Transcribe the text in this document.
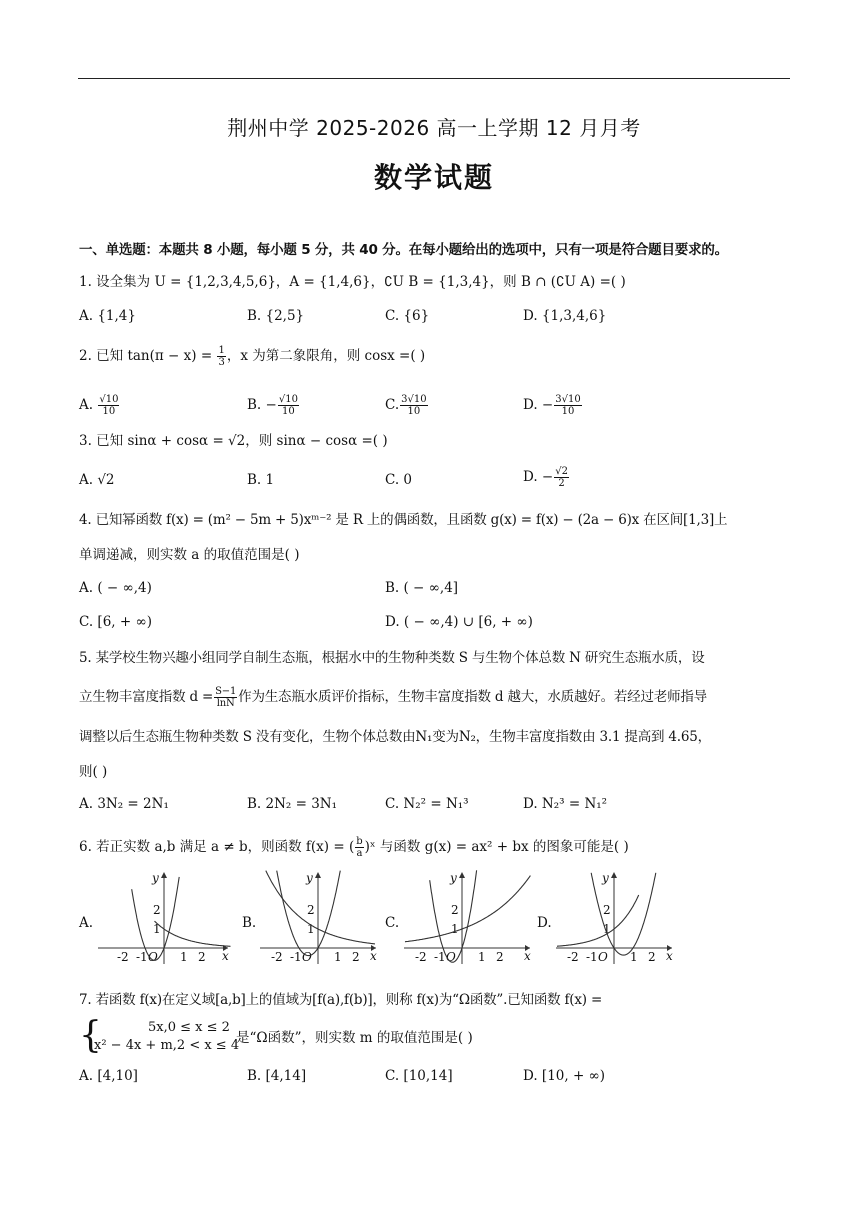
荆州中学 2025-2026 高一上学期 12 月月考
数学试题
一、单选题：本题共 8 小题，每小题 5 分，共 40 分。在每小题给出的选项中，只有一项是符合题目要求的。
1. 设全集为 U = {1,2,3,4,5,6}，A = {1,4,6}，∁U B = {1,3,4}，则 B ∩ (∁U A) =( )
A. {1,4}	B. {2,5}	C. {6}	D. {1,3,4,6}
2. 已知 $\tan(\pi - x) = \frac{1}{3}$ ，x 为第二象限角，则 cosx =( )
A. $\frac{√10}{10}$	B. − $\frac{√10}{10}$	C. $\frac{3√10}{10}$	D. − $\frac{3√10}{10}$
3. 已知 sinα + cosα = √2，则 sinα − cosα =( )
A. √2	B. 1	C. 0	D. − $\frac{√2}{2}$
4. 已知幂函数 f(x) = (m² − 5m + 5)xᵐ⁻² 是 R 上的偶函数，且函数 g(x) = f(x) − (2a − 6)x 在区间[1,3]上
单调递减，则实数 a 的取值范围是( )
A. ( − ∞,4)	B. ( − ∞,4]
C. [6, + ∞)	D. ( − ∞,4) ∪ [6, + ∞)
5. 某学校生物兴趣小组同学自制生态瓶，根据水中的生物种类数 S 与生物个体总数 N 研究生态瓶水质，设
立生物丰富度指数 $d = \frac{S-1}{\ln N}$ 作为生态瓶水质评价指标，生物丰富度指数 d 越大，水质越好。若经过老师指导
调整以后生态瓶生物种类数 S 没有变化，生物个体总数由N₁变为N₂，生物丰富度指数由 3.1 提高到 4.65，
则( )
A. 3N₂ = 2N₁	B. 2N₂ = 3N₁	C. N₂² = N₁³	D. N₂³ = N₁²
6. 若正实数 a,b 满足 a ≠ b，则函数 f(x) = ( $\frac{b}{a}$ )ˣ 与函数 g(x) = ax² + bx 的图象可能是( )
A.	B.	C.	D.
y
x
O
2
1
1 2
-1
-2
y
x
O
2
1
1 2
-1
-2
y
x
O
2
1
1 2
-1
-2
y
x
O
2
1
1 2
-1
-2
7. 若函数 f(x)在定义域[a,b]上的值域为[f(a),f(b)]，则称 f(x)为“Ω函数”.已知函数 f(x) =
{	5x,0 ≤ x ≤ 2
x² − 4x + m,2 < x ≤ 4
是“Ω函数”，则实数 m 的取值范围是( )
A. [4,10]	B. [4,14]	C. [10,14]	D. [10, + ∞)
